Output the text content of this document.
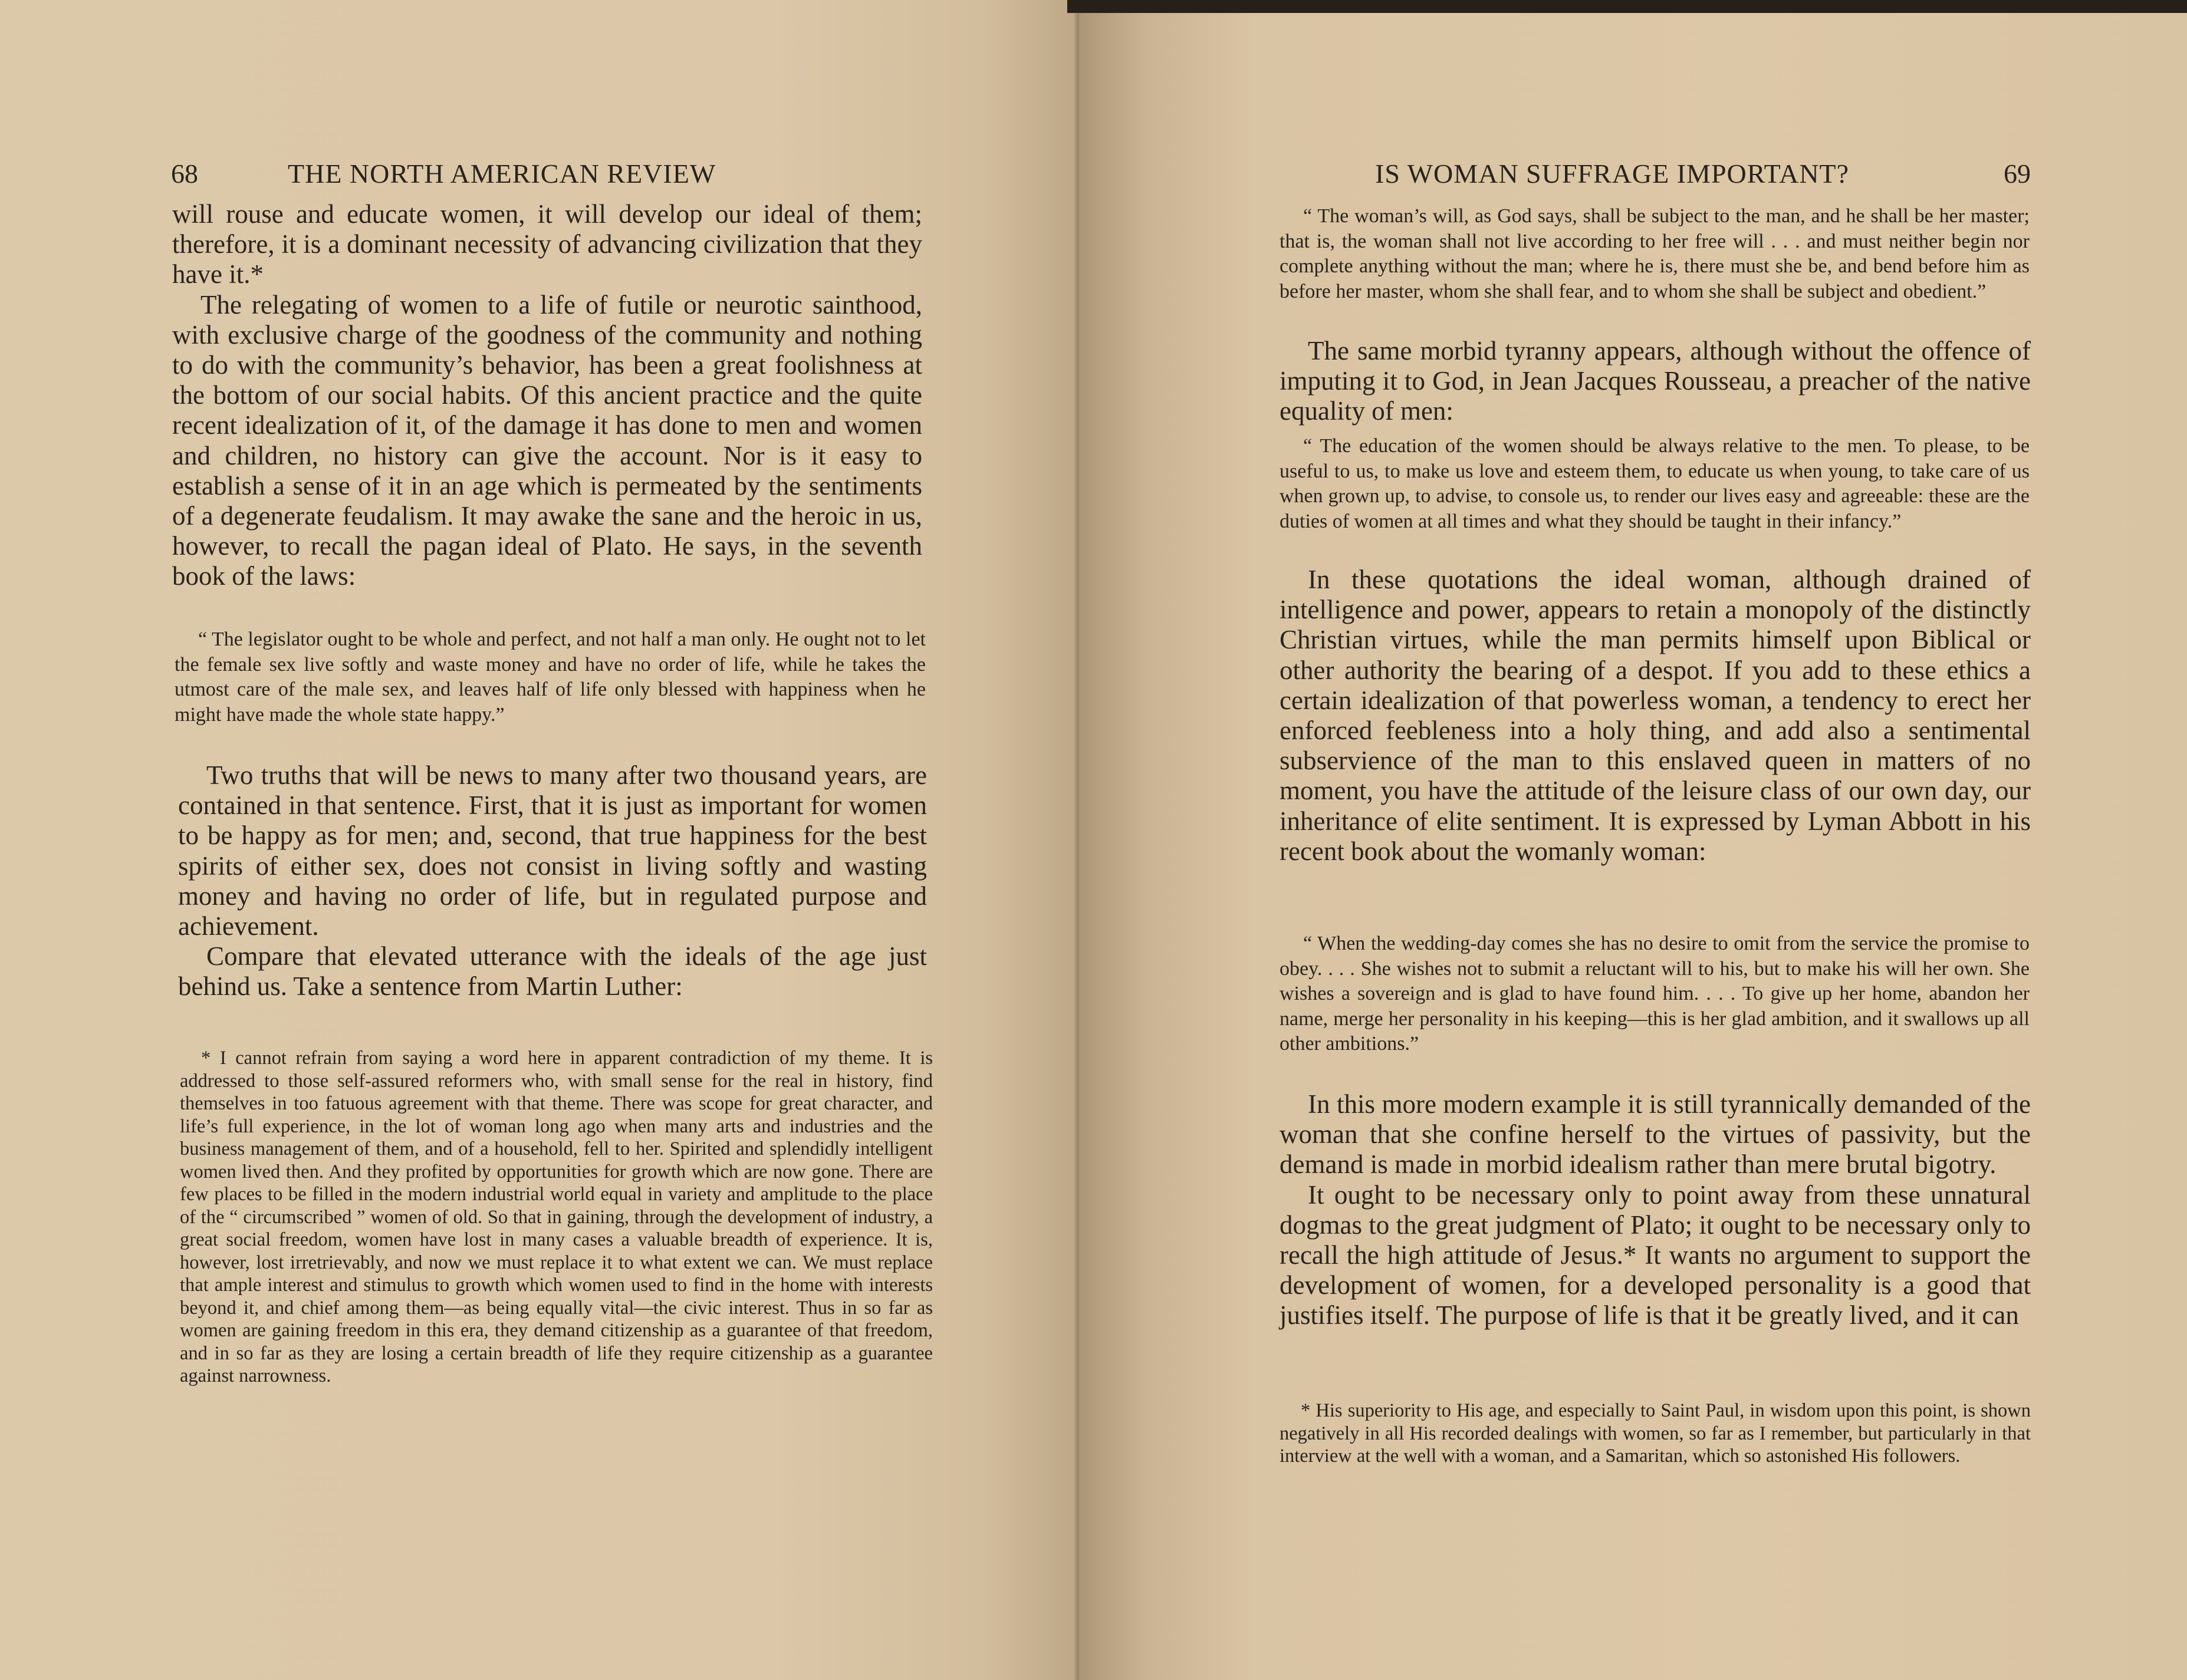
68	THE NORTH AMERICAN REVIEW

will rouse and educate women, it will develop our ideal of them; therefore, it is a dominant necessity of advancing civilization that they have it.*

The relegating of women to a life of futile or neurotic sainthood, with exclusive charge of the goodness of the community and nothing to do with the community’s behavior, has been a great foolishness at the bottom of our social habits. Of this ancient practice and the quite recent idealization of it, of the damage it has done to men and women and children, no history can give the account. Nor is it easy to establish a sense of it in an age which is permeated by the sentiments of a degenerate feudalism. It may awake the sane and the heroic in us, however, to recall the pagan ideal of Plato. He says, in the seventh book of the laws:

“ The legislator ought to be whole and perfect, and not half a man only. He ought not to let the female sex live softly and waste money and have no order of life, while he takes the utmost care of the male sex, and leaves half of life only blessed with happiness when he might have made the whole state happy.”

Two truths that will be news to many after two thousand years, are contained in that sentence. First, that it is just as important for women to be happy as for men; and, second, that true happiness for the best spirits of either sex, does not consist in living softly and wasting money and having no order of life, but in regulated purpose and achievement.

Compare that elevated utterance with the ideals of the age just behind us. Take a sentence from Martin Luther:

* I cannot refrain from saying a word here in apparent contradiction of my theme. It is addressed to those self-assured reformers who, with small sense for the real in history, find themselves in too fatuous agreement with that theme. There was scope for great character, and life’s full experience, in the lot of woman long ago when many arts and industries and the business management of them, and of a household, fell to her. Spirited and splendidly intelligent women lived then. And they profited by opportunities for growth which are now gone. There are few places to be filled in the modern industrial world equal in variety and amplitude to the place of the “ circumscribed ” women of old. So that in gaining, through the development of industry, a great social freedom, women have lost in many cases a valuable breadth of experience. It is, however, lost irretrievably, and now we must replace it to what extent we can. We must replace that ample interest and stimulus to growth which women used to find in the home with interests beyond it, and chief among them—as being equally vital—the civic interest. Thus in so far as women are gaining freedom in this era, they demand citizenship as a guarantee of that freedom, and in so far as they are losing a certain breadth of life they require citizenship as a guarantee against narrowness.

IS WOMAN SUFFRAGE IMPORTANT?	69

“ The woman’s will, as God says, shall be subject to the man, and he shall be her master; that is, the woman shall not live according to her free will . . . and must neither begin nor complete anything without the man; where he is, there must she be, and bend before him as before her master, whom she shall fear, and to whom she shall be subject and obedient.”

The same morbid tyranny appears, although without the offence of imputing it to God, in Jean Jacques Rousseau, a preacher of the native equality of men:

“ The education of the women should be always relative to the men. To please, to be useful to us, to make us love and esteem them, to educate us when young, to take care of us when grown up, to advise, to console us, to render our lives easy and agreeable: these are the duties of women at all times and what they should be taught in their infancy.”

In these quotations the ideal woman, although drained of intelligence and power, appears to retain a monopoly of the distinctly Christian virtues, while the man permits himself upon Biblical or other authority the bearing of a despot. If you add to these ethics a certain idealization of that powerless woman, a tendency to erect her enforced feebleness into a holy thing, and add also a sentimental subservience of the man to this enslaved queen in matters of no moment, you have the attitude of the leisure class of our own day, our inheritance of elite sentiment. It is expressed by Lyman Abbott in his recent book about the womanly woman:

“ When the wedding-day comes she has no desire to omit from the service the promise to obey. . . . She wishes not to submit a reluctant will to his, but to make his will her own. She wishes a sovereign and is glad to have found him. . . . To give up her home, abandon her name, merge her personality in his keeping—this is her glad ambition, and it swallows up all other ambitions.”

In this more modern example it is still tyrannically demanded of the woman that she confine herself to the virtues of passivity, but the demand is made in morbid idealism rather than mere brutal bigotry.

It ought to be necessary only to point away from these unnatural dogmas to the great judgment of Plato; it ought to be necessary only to recall the high attitude of Jesus.* It wants no argument to support the development of women, for a developed personality is a good that justifies itself. The purpose of life is that it be greatly lived, and it can

* His superiority to His age, and especially to Saint Paul, in wisdom upon this point, is shown negatively in all His recorded dealings with women, so far as I remember, but particularly in that interview at the well with a woman, and a Samaritan, which so astonished His followers.
